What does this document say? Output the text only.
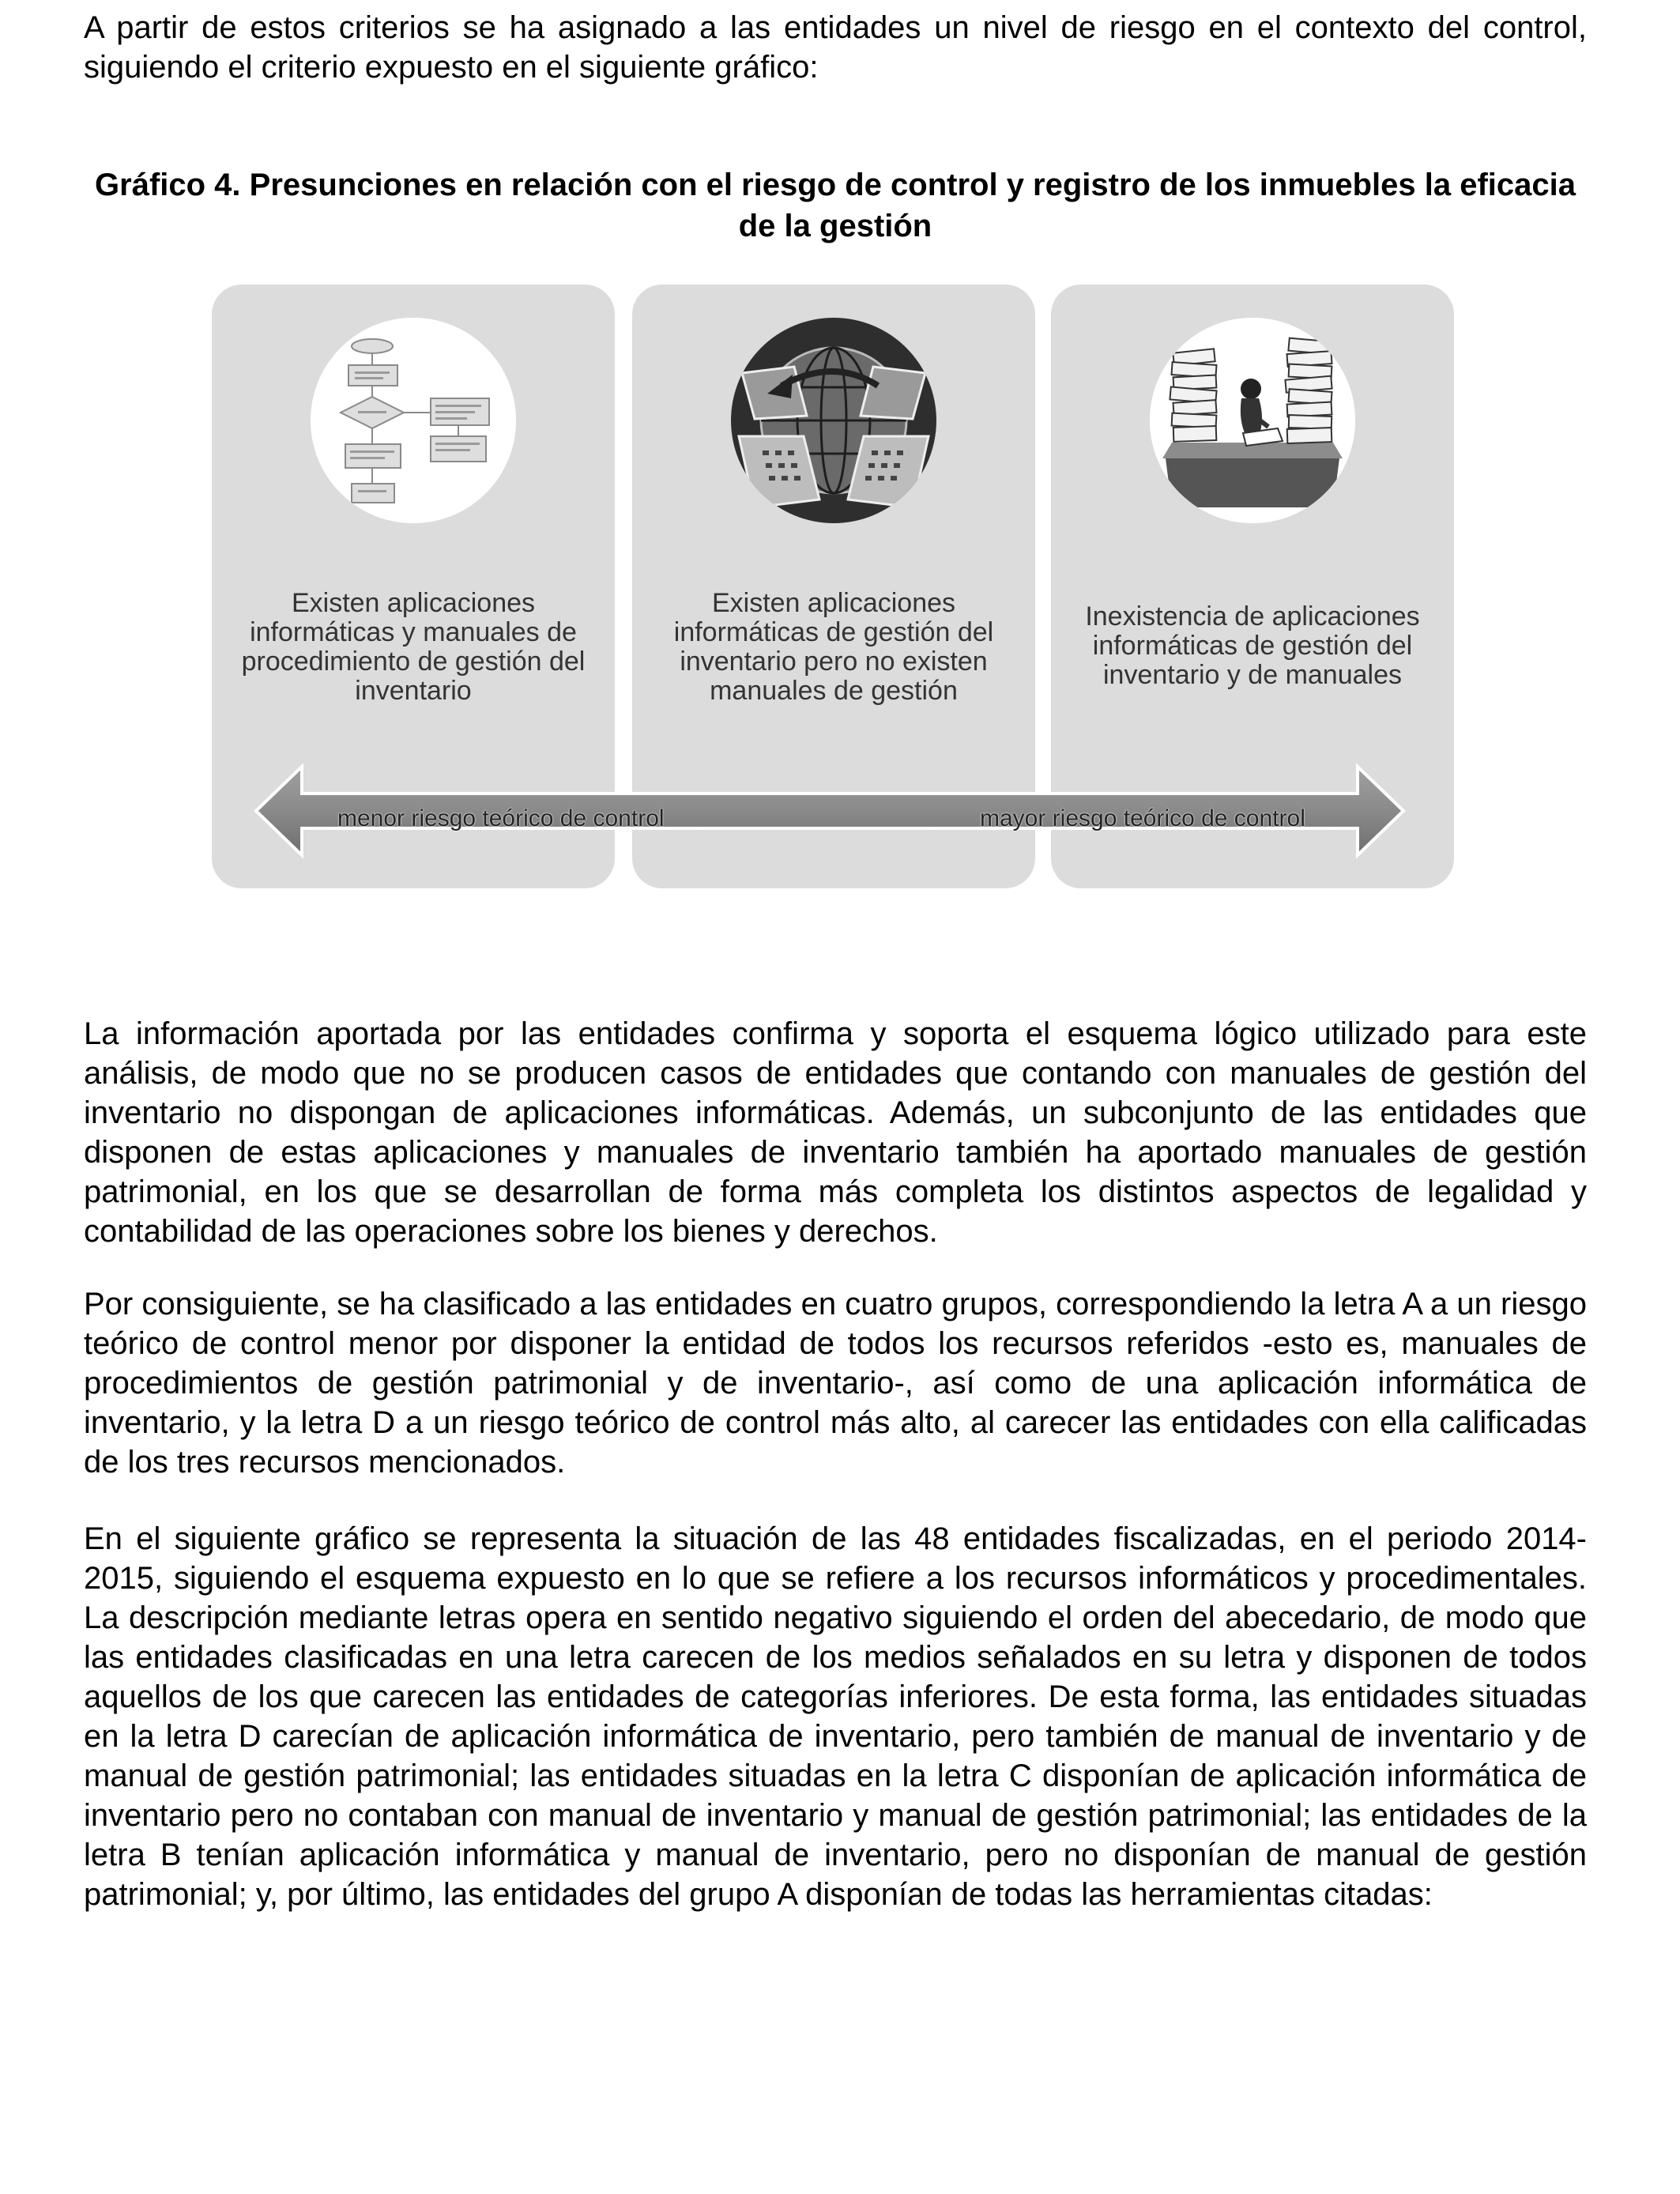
A partir de estos criterios se ha asignado a las entidades un nivel de riesgo en el contexto del control, siguiendo el criterio expuesto en el siguiente gráfico:

Gráfico 4. Presunciones en relación con el riesgo de control y registro de los inmuebles la eficacia de la gestión

Existen aplicaciones informáticas y manuales de procedimiento de gestión del inventario
Existen aplicaciones informáticas de gestión del inventario pero no existen manuales de gestión
Inexistencia de aplicaciones informáticas de gestión del inventario y de manuales
menor riesgo teórico de control	mayor riesgo teórico de control

La información aportada por las entidades confirma y soporta el esquema lógico utilizado para este análisis, de modo que no se producen casos de entidades que contando con manuales de gestión del inventario no dispongan de aplicaciones informáticas. Además, un subconjunto de las entidades que disponen de estas aplicaciones y manuales de inventario también ha aportado manuales de gestión patrimonial, en los que se desarrollan de forma más completa los distintos aspectos de legalidad y contabilidad de las operaciones sobre los bienes y derechos.

Por consiguiente, se ha clasificado a las entidades en cuatro grupos, correspondiendo la letra A a un riesgo teórico de control menor por disponer la entidad de todos los recursos referidos -esto es, manuales de procedimientos de gestión patrimonial y de inventario-, así como de una aplicación informática de inventario, y la letra D a un riesgo teórico de control más alto, al carecer las entidades con ella calificadas de los tres recursos mencionados.

En el siguiente gráfico se representa la situación de las 48 entidades fiscalizadas, en el periodo 2014-2015, siguiendo el esquema expuesto en lo que se refiere a los recursos informáticos y procedimentales. La descripción mediante letras opera en sentido negativo siguiendo el orden del abecedario, de modo que las entidades clasificadas en una letra carecen de los medios señalados en su letra y disponen de todos aquellos de los que carecen las entidades de categorías inferiores. De esta forma, las entidades situadas en la letra D carecían de aplicación informática de inventario, pero también de manual de inventario y de manual de gestión patrimonial; las entidades situadas en la letra C disponían de aplicación informática de inventario pero no contaban con manual de inventario y manual de gestión patrimonial; las entidades de la letra B tenían aplicación informática y manual de inventario, pero no disponían de manual de gestión patrimonial; y, por último, las entidades del grupo A disponían de todas las herramientas citadas:
